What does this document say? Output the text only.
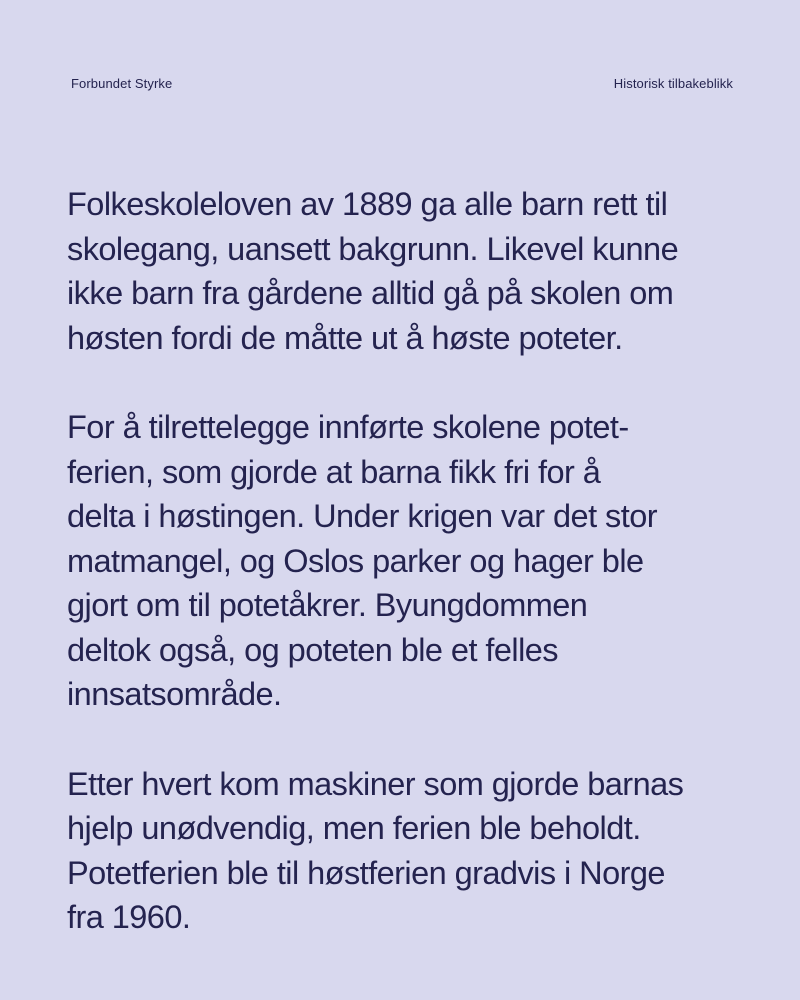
Forbundet Styrke	Historisk tilbakeblikk

Folkeskoleloven av 1889 ga alle barn rett til
skolegang, uansett bakgrunn. Likevel kunne
ikke barn fra gårdene alltid gå på skolen om
høsten fordi de måtte ut å høste poteter.

For å tilrettelegge innførte skolene potet-
ferien, som gjorde at barna fikk fri for å
delta i høstingen. Under krigen var det stor
matmangel, og Oslos parker og hager ble
gjort om til potetåkrer. Byungdommen
deltok også, og poteten ble et felles
innsatsområde.

Etter hvert kom maskiner som gjorde barnas
hjelp unødvendig, men ferien ble beholdt.
Potetferien ble til høstferien gradvis i Norge
fra 1960.
